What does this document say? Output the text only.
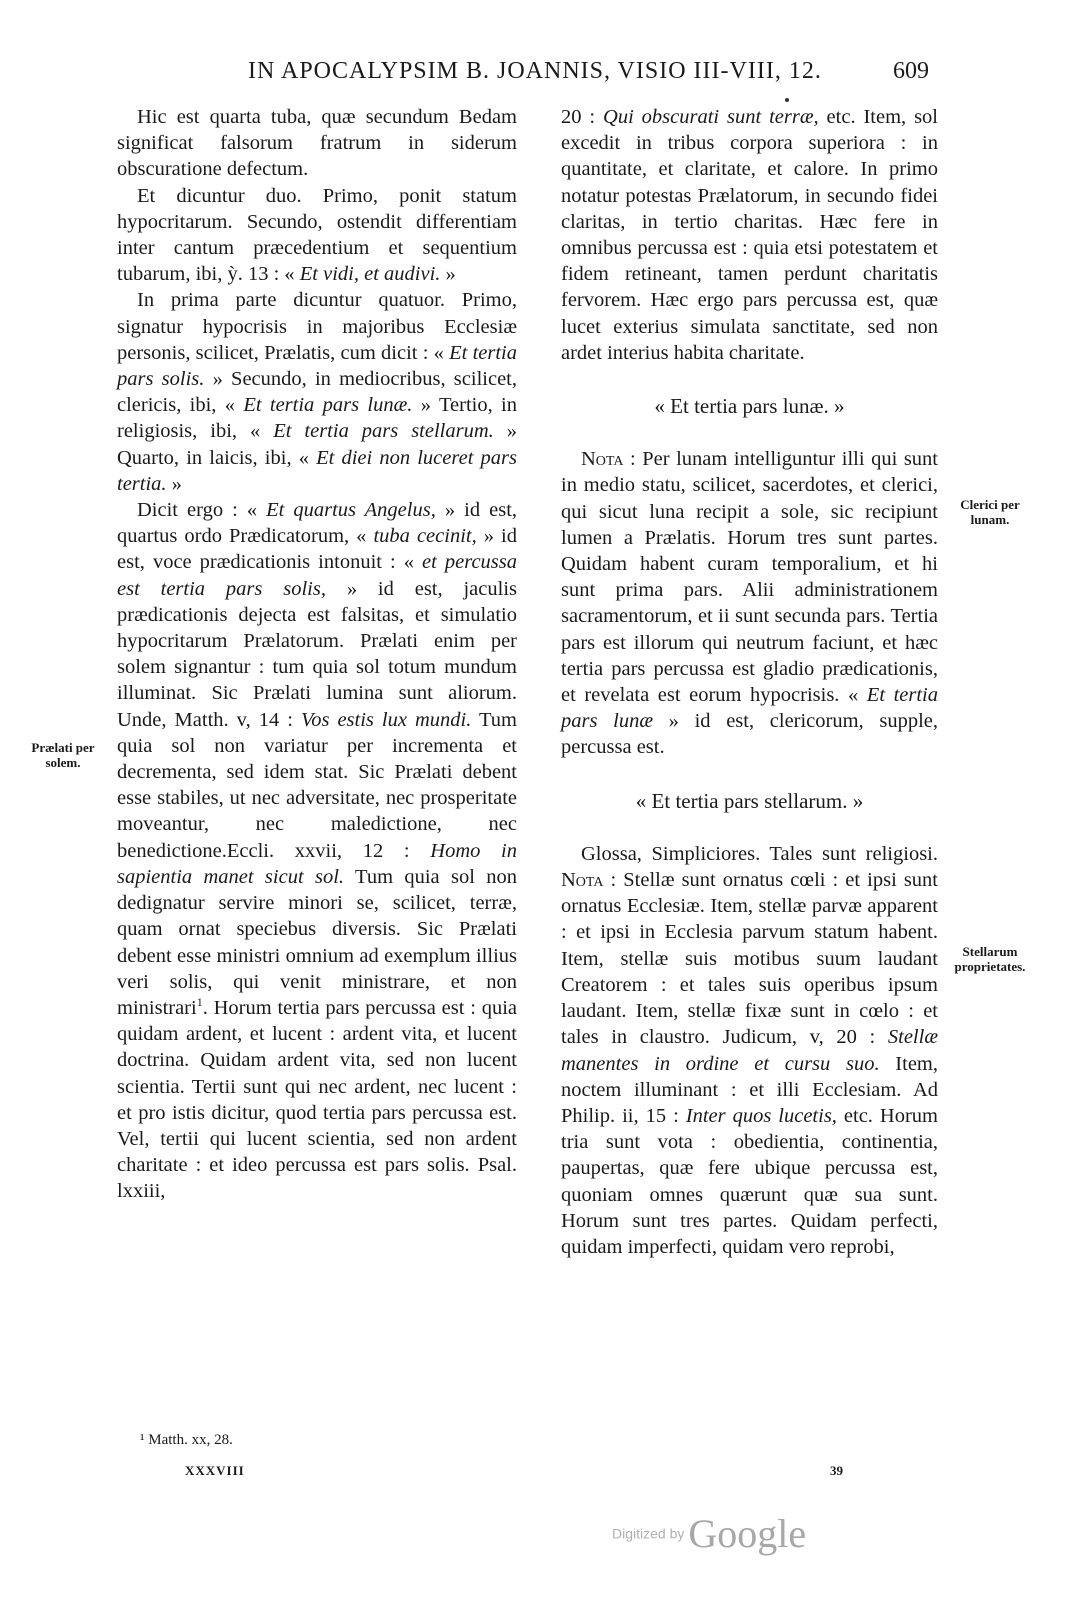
IN APOCALYPSIM B. JOANNIS, VISIO III-VIII, 12.	609

Hic est quarta tuba, quæ secundum Bedam significat falsorum fratrum in siderum obscuratione defectum.

Et dicuntur duo. Primo, ponit statum hypocritarum. Secundo, ostendit differentiam inter cantum præcedentium et sequentium tubarum, ibi, ỳ. 13 : « Et vidi, et audivi. »

In prima parte dicuntur quatuor. Primo, signatur hypocrisis in majoribus Ecclesiæ personis, scilicet, Prælatis, cum dicit : « Et tertia pars solis. » Secundo, in mediocribus, scilicet, clericis, ibi, « Et tertia pars lunæ. » Tertio, in religiosis, ibi, « Et tertia pars stellarum. » Quarto, in laicis, ibi, « Et diei non luceret pars tertia. »

Dicit ergo : « Et quartus Angelus, » id est, quartus ordo Prædicatorum, « tuba cecinit, » id est, voce prædicationis intonuit : « et percussa est tertia pars solis, » id est, jaculis prædicationis dejecta est falsitas, et simulatio hypocritarum Prælatorum. Prælati enim per solem signantur : tum quia sol totum mundum illuminat. Sic Prælati lumina sunt aliorum. Unde, Matth. v, 14 : Vos estis lux mundi. Tum quia sol non variatur per incrementa et decrementa, sed idem stat. Sic Prælati debent esse stabiles, ut nec adversitate, nec prosperitate moveantur, nec maledictione, nec benedictione.Eccli. xxvii, 12 : Homo in sapientia manet sicut sol. Tum quia sol non dedignatur servire minori se, scilicet, terræ, quam ornat speciebus diversis. Sic Prælati debent esse ministri omnium ad exemplum illius veri solis, qui venit ministrare, et non ministrari$^1$. Horum tertia pars percussa est : quia quidam ardent, et lucent : ardent vita, et lucent doctrina. Quidam ardent vita, sed non lucent scientia. Tertii sunt qui nec ardent, nec lucent : et pro istis dicitur, quod tertia pars percussa est. Vel, tertii qui lucent scientia, sed non ardent charitate : et ideo percussa est pars solis. Psal. lxxiii,

20 : Qui obscurati sunt terræ, etc. Item, sol excedit in tribus corpora superiora : in quantitate, et claritate, et calore. In primo notatur potestas Prælatorum, in secundo fidei claritas, in tertio charitas. Hæc fere in omnibus percussa est : quia etsi potestatem et fidem retineant, tamen perdunt charitatis fervorem. Hæc ergo pars percussa est, quæ lucet exterius simulata sanctitate, sed non ardet interius habita charitate.

« Et tertia pars lunæ. »

Nota : Per lunam intelliguntur illi qui sunt in medio statu, scilicet, sacerdotes, et clerici, qui sicut luna recipit a sole, sic recipiunt lumen a Prælatis. Horum tres sunt partes. Quidam habent curam temporalium, et hi sunt prima pars. Alii administrationem sacramentorum, et ii sunt secunda pars. Tertia pars est illorum qui neutrum faciunt, et hæc tertia pars percussa est gladio prædicationis, et revelata est eorum hypocrisis. « Et tertia pars lunæ » id est, clericorum, supple, percussa est.

« Et tertia pars stellarum. »

Glossa, Simpliciores. Tales sunt religiosi. Nota : Stellæ sunt ornatus cœli : et ipsi sunt ornatus Ecclesiæ. Item, stellæ parvæ apparent : et ipsi in Ecclesia parvum statum habent. Item, stellæ suis motibus suum laudant Creatorem : et tales suis operibus ipsum laudant. Item, stellæ fixæ sunt in cœlo : et tales in claustro. Judicum, v, 20 : Stellæ manentes in ordine et cursu suo. Item, noctem illuminant : et illi Ecclesiam. Ad Philip. ii, 15 : Inter quos lucetis, etc. Horum tria sunt vota : obedientia, continentia, paupertas, quæ fere ubique percussa est, quoniam omnes quærunt quæ sua sunt. Horum sunt tres partes. Quidam perfecti, quidam imperfecti, quidam vero reprobi,

Prælati per solem.
Clerici per lunam.
Stellarum proprietates.
¹ Matth. xx, 28.
XXXVIII	39
Digitized by Google
